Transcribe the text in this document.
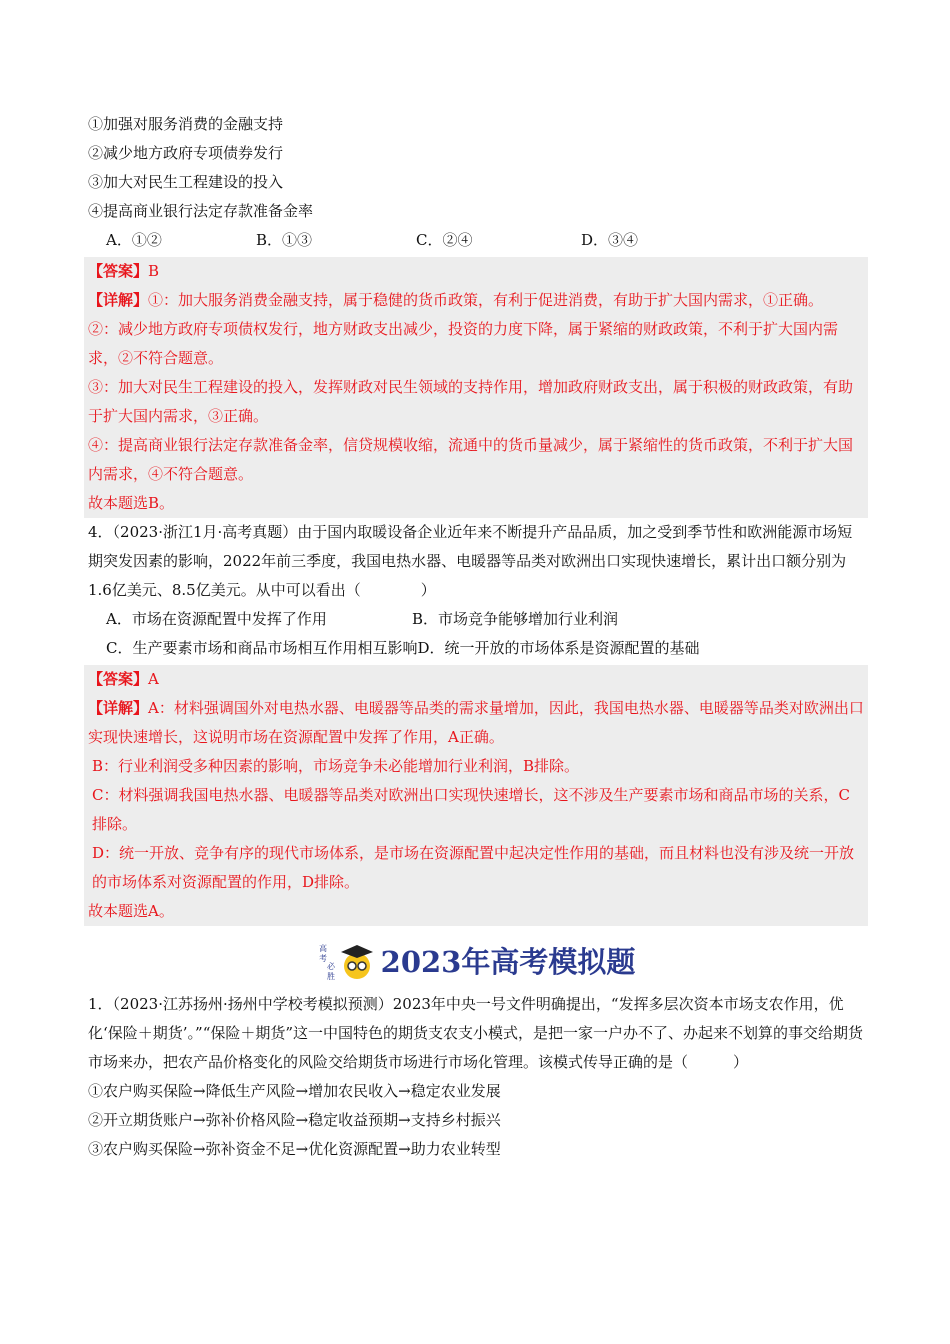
①加强对服务消费的金融支持
②减少地方政府专项债券发行
③加大对民生工程建设的投入
④提高商业银行法定存款准备金率
A．①②	B．①③	C．②④	D．③④
【答案】B
【详解】①：加大服务消费金融支持，属于稳健的货币政策，有利于促进消费，有助于扩大国内需求，①正确。
②：减少地方政府专项债权发行，地方财政支出减少，投资的力度下降，属于紧缩的财政政策，不利于扩大国内需求，②不符合题意。
③：加大对民生工程建设的投入，发挥财政对民生领域的支持作用，增加政府财政支出，属于积极的财政政策，有助于扩大国内需求，③正确。
④：提高商业银行法定存款准备金率，信贷规模收缩，流通中的货币量减少，属于紧缩性的货币政策，不利于扩大国内需求，④不符合题意。
故本题选B。
4．（2023·浙江1月·高考真题）由于国内取暖设备企业近年来不断提升产品品质，加之受到季节性和欧洲能源市场短期突发因素的影响，2022年前三季度，我国电热水器、电暖器等品类对欧洲出口实现快速增长，累计出口额分别为1.6亿美元、8.5亿美元。从中可以看出（　　　　）
A．市场在资源配置中发挥了作用	B．市场竞争能够增加行业利润
C．生产要素市场和商品市场相互作用相互影响 D．统一开放的市场体系是资源配置的基础
【答案】A
【详解】A：材料强调国外对电热水器、电暖器等品类的需求量增加，因此，我国电热水器、电暖器等品类对欧洲出口实现快速增长，这说明市场在资源配置中发挥了作用，A正确。
B：行业利润受多种因素的影响，市场竞争未必能增加行业利润，B排除。
C：材料强调我国电热水器、电暖器等品类对欧洲出口实现快速增长，这不涉及生产要素市场和商品市场的关系，C排除。
D：统一开放、竞争有序的现代市场体系，是市场在资源配置中起决定性作用的基础，而且材料也没有涉及统一开放的市场体系对资源配置的作用，D排除。
故本题选A。
高
考
必
胜 2023年高考模拟题
1．（2023·江苏扬州·扬州中学校考模拟预测）2023年中央一号文件明确提出，“发挥多层次资本市场支农作用，优化‘保险＋期货’。”“保险＋期货”这一中国特色的期货支农支小模式，是把一家一户办不了、办起来不划算的事交给期货市场来办，把农产品价格变化的风险交给期货市场进行市场化管理。该模式传导正确的是（　　　）
①农户购买保险→降低生产风险→增加农民收入→稳定农业发展
②开立期货账户→弥补价格风险→稳定收益预期→支持乡村振兴
③农户购买保险→弥补资金不足→优化资源配置→助力农业转型
